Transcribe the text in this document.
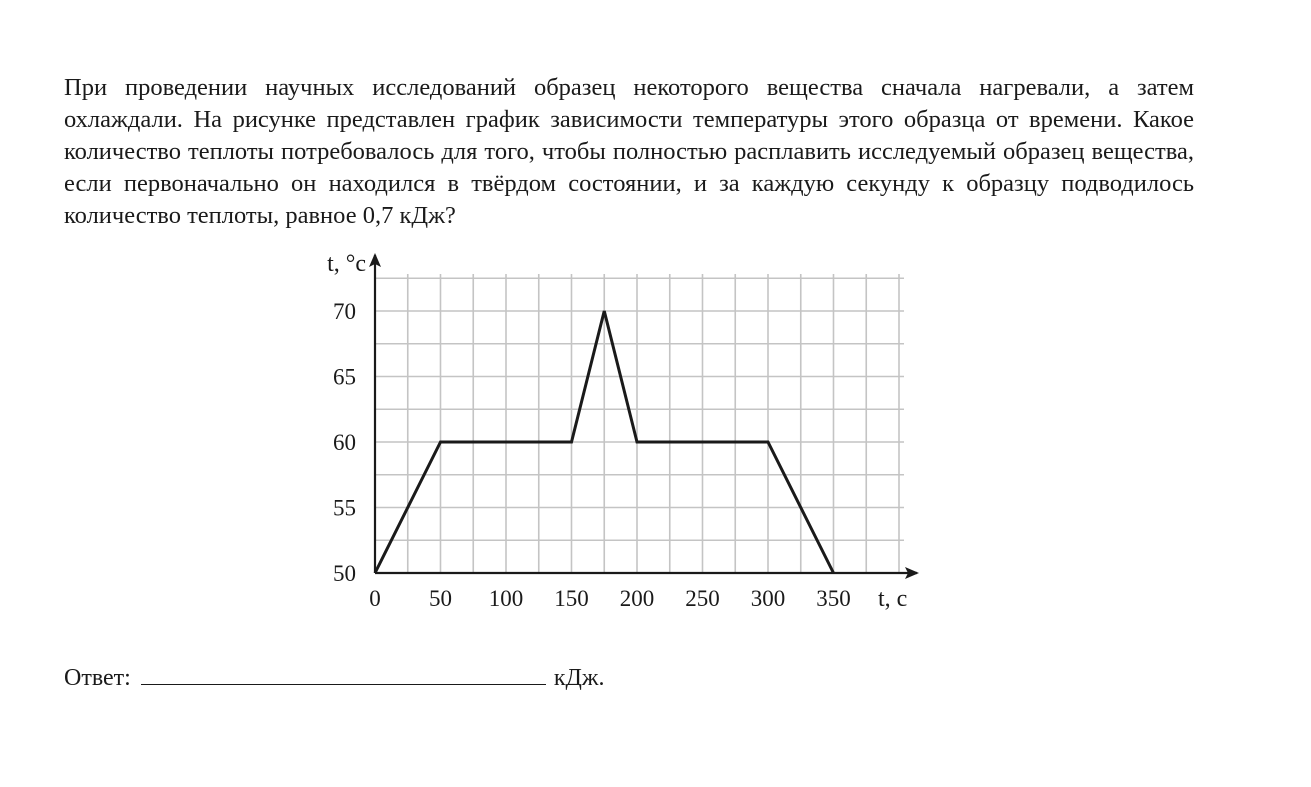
При проведении научных исследований образец некоторого вещества сначала нагревали, а затем охлаждали. На рисунке представлен график зависимости температуры этого образца от времени. Какое количество теплоты потребовалось для того, чтобы полностью расплавить исследуемый образец вещества, если первоначально он находился в твёрдом состоянии, и за каждую секунду к образцу подводилось количество теплоты, равное 0,7 кДж?

0 50 100 150 200 250 300 350
50
55
60
65
70
t, °с
t, с
Ответ:	кДж.
